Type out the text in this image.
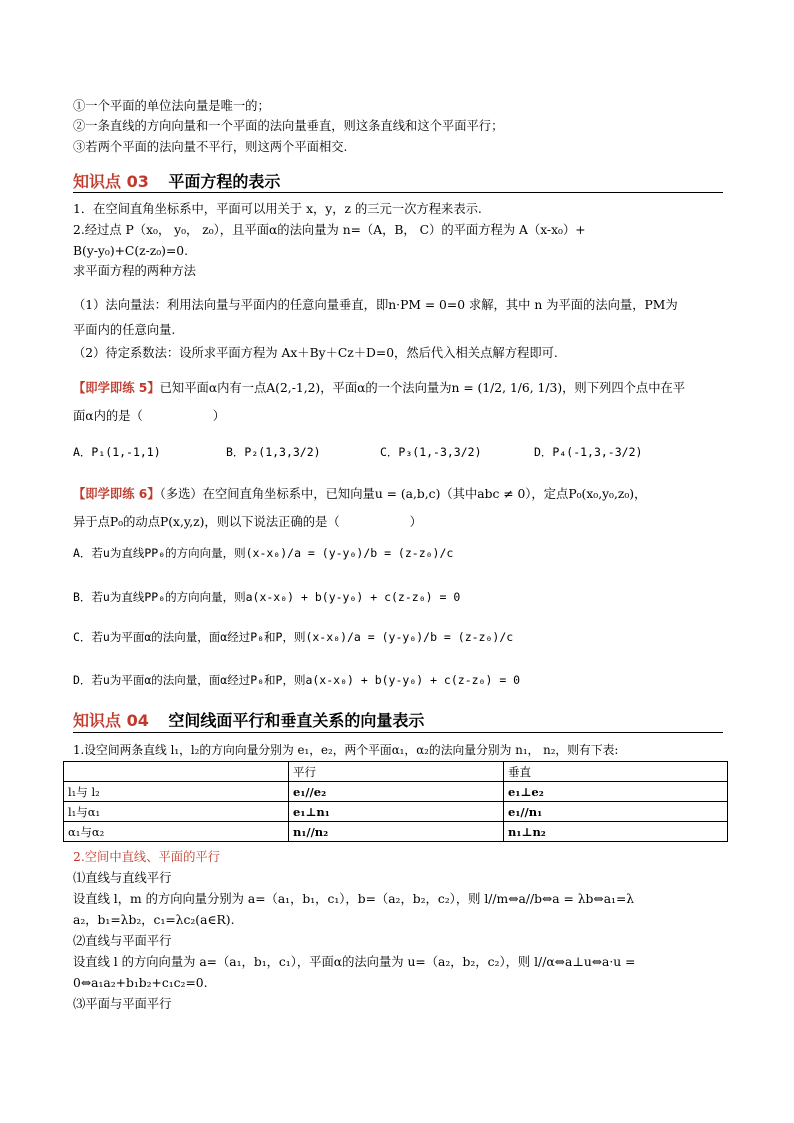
①一个平面的单位法向量是唯一的；
②一条直线的方向向量和一个平面的法向量垂直，则这条直线和这个平面平行；
③若两个平面的法向量不平行，则这两个平面相交.
知识点 03 平面方程的表示
1．在空间直角坐标系中，平面可以用关于 x，y，z 的三元一次方程来表示.
2.经过点 P（x₀， y₀， z₀），且平面α的法向量为 n=（A，B， C）的平面方程为 A（x-x₀）+
B(y-y₀)+C(z-z₀)=0.
求平面方程的两种方法
（1）法向量法：利用法向量与平面内的任意向量垂直，即n·PM = 0=0 求解，其中 n 为平面的法向量，PM为
平面内的任意向量.
（2）待定系数法：设所求平面方程为 Ax＋By＋Cz＋D=0，然后代入相关点解方程即可.
【即学即练 5】已知平面α内有一点A(2,-1,2)，平面α的一个法向量为n = (1/2, 1/6, 1/3)，则下列四个点中在平
面α内的是（	）
A．P₁(1,-1,1)	B．P₂(1,3,3/2)	C．P₃(1,-3,3/2)	D．P₄(-1,3,-3/2)
【即学即练 6】（多选）在空间直角坐标系中，已知向量u = (a,b,c)（其中abc ≠ 0），定点P₀(x₀,y₀,z₀)，
异于点P₀的动点P(x,y,z)，则以下说法正确的是（	）
A．若u为直线PP₀的方向向量，则(x-x₀)/a = (y-y₀)/b = (z-z₀)/c
B．若u为直线PP₀的方向向量，则a(x-x₀) + b(y-y₀) + c(z-z₀) = 0
C．若u为平面α的法向量，面α经过P₀和P，则(x-x₀)/a = (y-y₀)/b = (z-z₀)/c
D．若u为平面α的法向量，面α经过P₀和P，则a(x-x₀) + b(y-y₀) + c(z-z₀) = 0
知识点 04 空间线面平行和垂直关系的向量表示
1.设空间两条直线 l₁，l₂的方向向量分别为 e₁，e₂，两个平面α₁，α₂的法向量分别为 n₁， n₂，则有下表:
	平行	垂直
l₁与 l₂	e₁//e₂	e₁⊥e₂
l₁与α₁	e₁⊥n₁	e₁//n₁
α₁与α₂	n₁//n₂	n₁⊥n₂
2.空间中直线、平面的平行
⑴直线与直线平行
设直线 l，m 的方向向量分别为 a=（a₁，b₁，c₁），b=（a₂，b₂，c₂），则 l//m⇔a//b⇔a = λb⇔a₁=λ
a₂，b₁=λb₂，c₁=λc₂(a∈R).
⑵直线与平面平行
设直线 l 的方向向量为 a=（a₁，b₁，c₁），平面α的法向量为 u=（a₂，b₂，c₂），则 l//α⇔a⊥u⇔a·u =
0⇔a₁a₂+b₁b₂+c₁c₂=0.
⑶平面与平面平行
